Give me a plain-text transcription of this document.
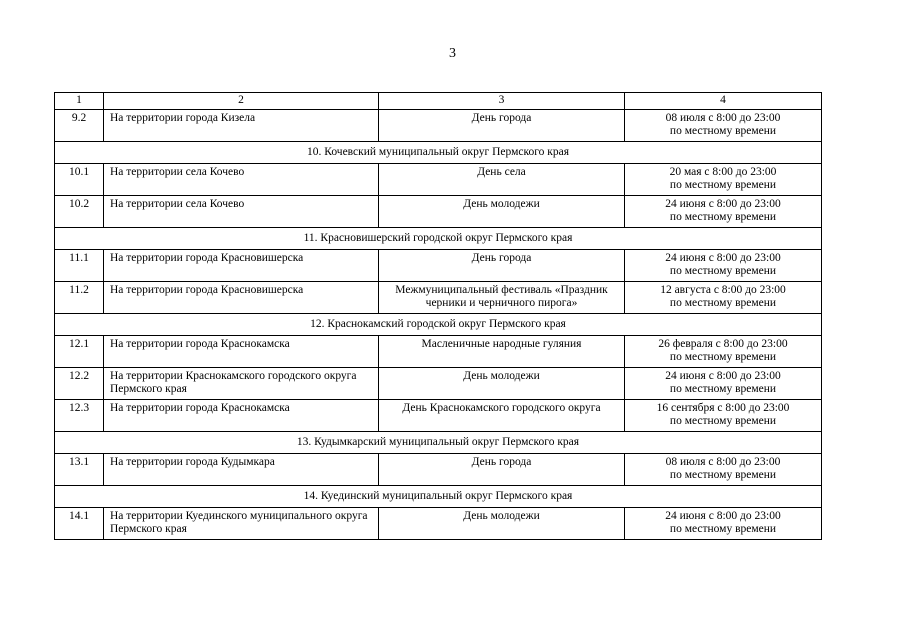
3
1	2	3	4
9.2	На территории города Кизела	День города	08 июля с 8:00 до 23:00
по местному времени

10. Кочевский муниципальный округ Пермского края			
10.1	На территории села Кочево	День села	20 мая с 8:00 до 23:00
по местному времени

10.2	На территории села Кочево	День молодежи	24 июня с 8:00 до 23:00
по местному времени

11. Красновишерский городской округ Пермского края			
11.1	На территории города Красновишерска	День города	24 июня с 8:00 до 23:00
по местному времени

11.2	На территории города Красновишерска	Межмуниципальный фестиваль «Праздник черники и черничного пирога»	12 августа с 8:00 до 23:00
по местному времени

12. Краснокамский городской округ Пермского края			
12.1	На территории города Краснокамска	Масленичные народные гуляния	26 февраля с 8:00 до 23:00
по местному времени

12.2	На территории Краснокамского городского округа Пермского края	День молодежи	24 июня с 8:00 до 23:00
по местному времени

12.3	На территории города Краснокамска	День Краснокамского городского округа	16 сентября с 8:00 до 23:00
по местному времени

13. Кудымкарский муниципальный округ Пермского края			
13.1	На территории города Кудымкара	День города	08 июля с 8:00 до 23:00
по местному времени

14. Куединский муниципальный округ Пермского края			
14.1	На территории Куединского муниципального округа Пермского края	День молодежи	24 июня с 8:00 до 23:00
по местному времени
